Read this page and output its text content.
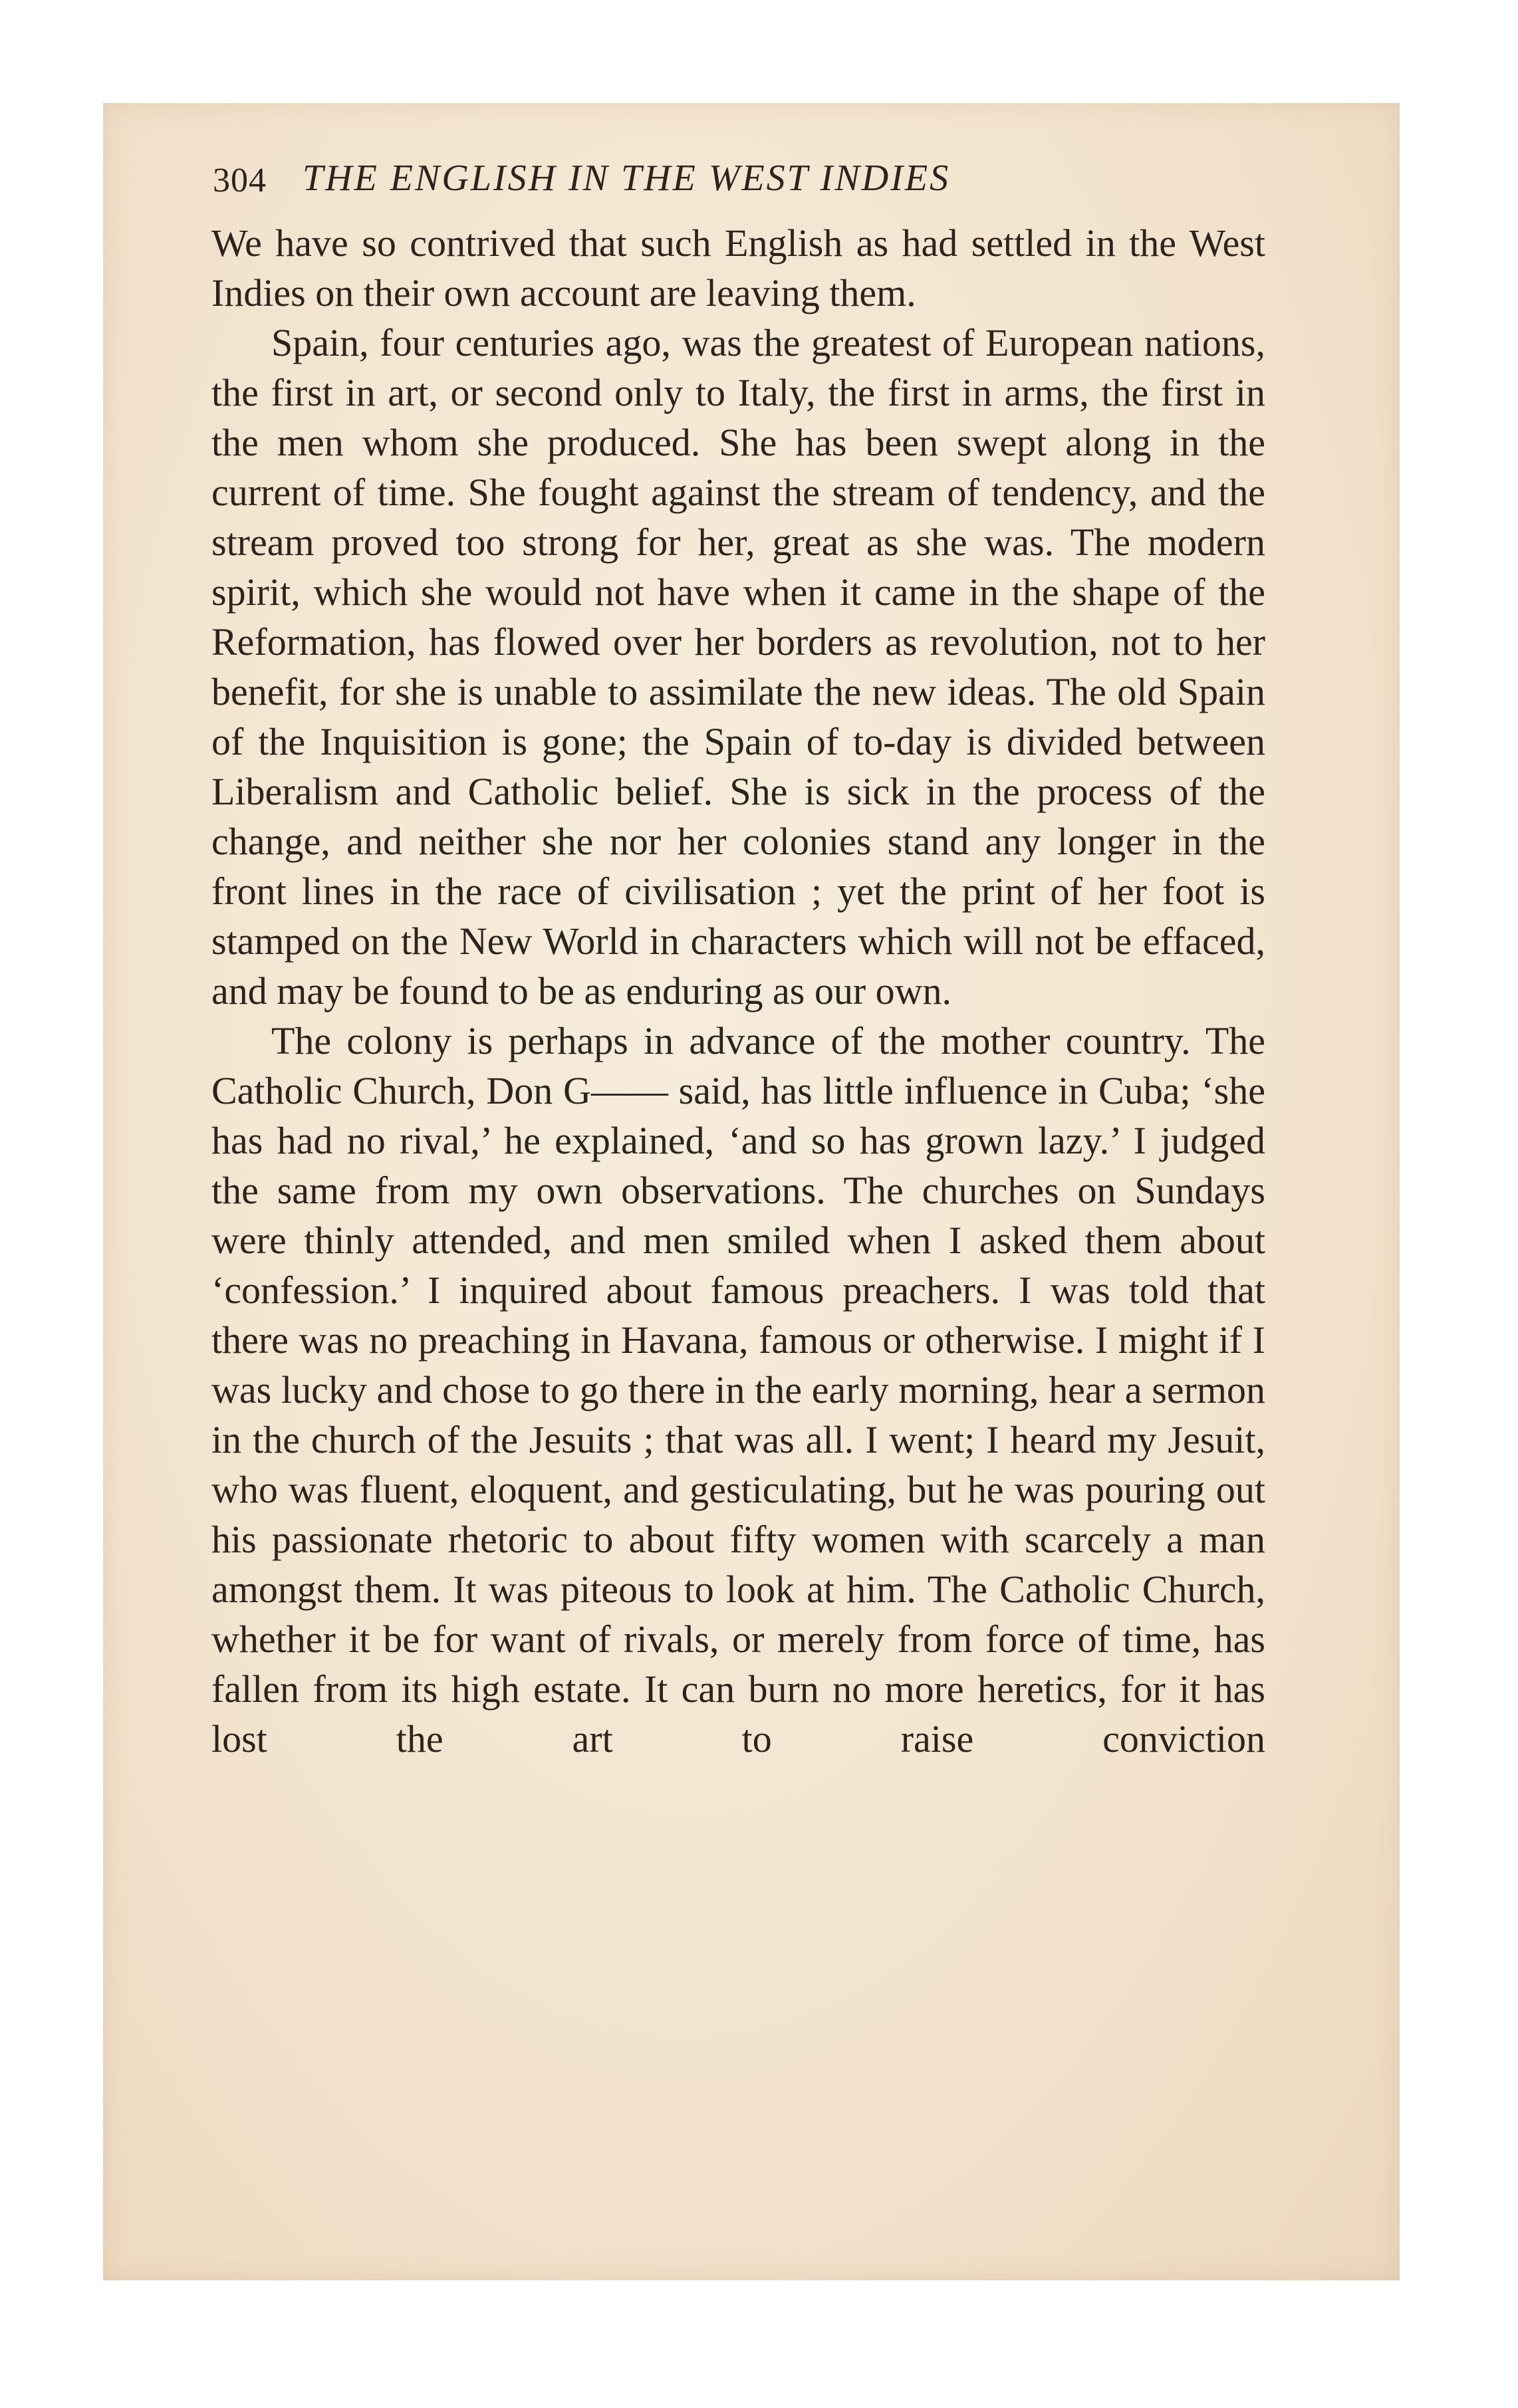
304 THE ENGLISH IN THE WEST INDIES

We have so contrived that such English as had settled in the West Indies on their own account are leaving them.

Spain, four centuries ago, was the greatest of European nations, the first in art, or second only to Italy, the first in arms, the first in the men whom she produced. She has been swept along in the current of time. She fought against the stream of tendency, and the stream proved too strong for her, great as she was. The modern spirit, which she would not have when it came in the shape of the Reformation, has flowed over her borders as revolution, not to her benefit, for she is unable to assimilate the new ideas. The old Spain of the Inquisition is gone; the Spain of to-day is divided between Liberalism and Catholic belief. She is sick in the process of the change, and neither she nor her colonies stand any longer in the front lines in the race of civilisation ; yet the print of her foot is stamped on the New World in characters which will not be effaced, and may be found to be as enduring as our own.

The colony is perhaps in advance of the mother country. The Catholic Church, Don G—— said, has little influence in Cuba; ‘she has had no rival,’ he explained, ‘and so has grown lazy.’ I judged the same from my own observations. The churches on Sundays were thinly attended, and men smiled when I asked them about ‘confession.’ I inquired about famous preachers. I was told that there was no preaching in Havana, famous or otherwise. I might if I was lucky and chose to go there in the early morning, hear a sermon in the church of the Jesuits ; that was all. I went; I heard my Jesuit, who was fluent, eloquent, and gesticulating, but he was pouring out his passionate rhetoric to about fifty women with scarcely a man amongst them. It was piteous to look at him. The Catholic Church, whether it be for want of rivals, or merely from force of time, has fallen from its high estate. It can burn no more heretics, for it has lost the art to raise conviction
